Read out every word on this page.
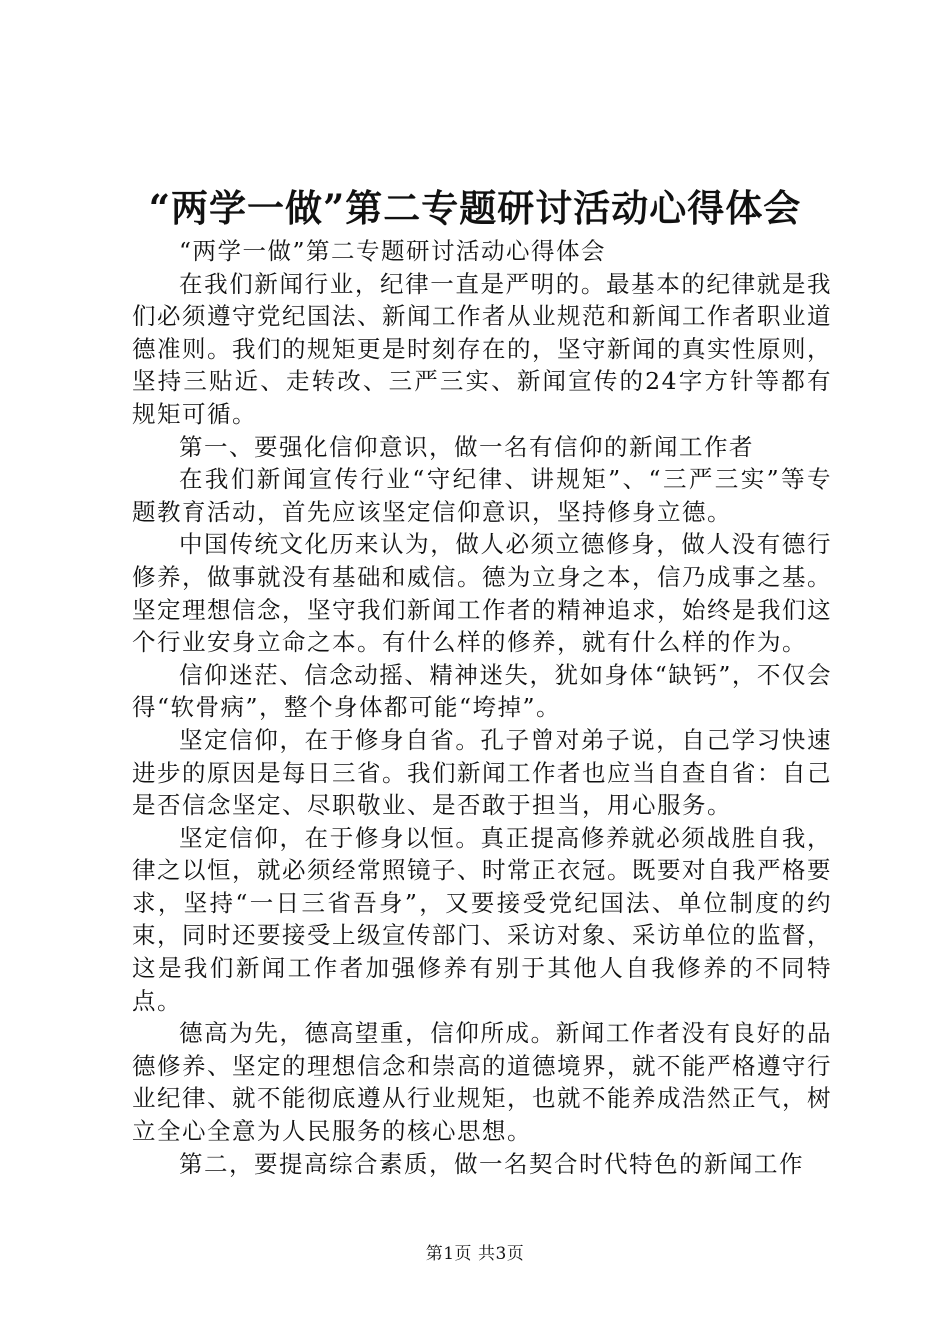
“两学一做”第二专题研讨活动心得体会

“两学一做”第二专题研讨活动心得体会

在我们新闻行业，纪律一直是严明的。最基本的纪律就是我们必须遵守党纪国法、新闻工作者从业规范和新闻工作者职业道德准则。我们的规矩更是时刻存在的，坚守新闻的真实性原则，坚持三贴近、走转改、三严三实、新闻宣传的24字方针等都有规矩可循。

第一、要强化信仰意识，做一名有信仰的新闻工作者

在我们新闻宣传行业“守纪律、讲规矩”、“三严三实”等专题教育活动，首先应该坚定信仰意识，坚持修身立德。

中国传统文化历来认为，做人必须立德修身，做人没有德行修养，做事就没有基础和威信。德为立身之本，信乃成事之基。坚定理想信念，坚守我们新闻工作者的精神追求，始终是我们这个行业安身立命之本。有什么样的修养，就有什么样的作为。

信仰迷茫、信念动摇、精神迷失，犹如身体“缺钙”，不仅会得“软骨病”，整个身体都可能“垮掉”。

坚定信仰，在于修身自省。孔子曾对弟子说，自己学习快速进步的原因是每日三省。我们新闻工作者也应当自查自省：自己是否信念坚定、尽职敬业、是否敢于担当，用心服务。

坚定信仰，在于修身以恒。真正提高修养就必须战胜自我，律之以恒，就必须经常照镜子、时常正衣冠。既要对自我严格要求，坚持“一日三省吾身”，又要接受党纪国法、单位制度的约束，同时还要接受上级宣传部门、采访对象、采访单位的监督，这是我们新闻工作者加强修养有别于其他人自我修养的不同特点。

德高为先，德高望重，信仰所成。新闻工作者没有良好的品德修养、坚定的理想信念和崇高的道德境界，就不能严格遵守行业纪律、就不能彻底遵从行业规矩，也就不能养成浩然正气，树立全心全意为人民服务的核心思想。

第二，要提高综合素质，做一名契合时代特色的新闻工作

第1页 共3页
